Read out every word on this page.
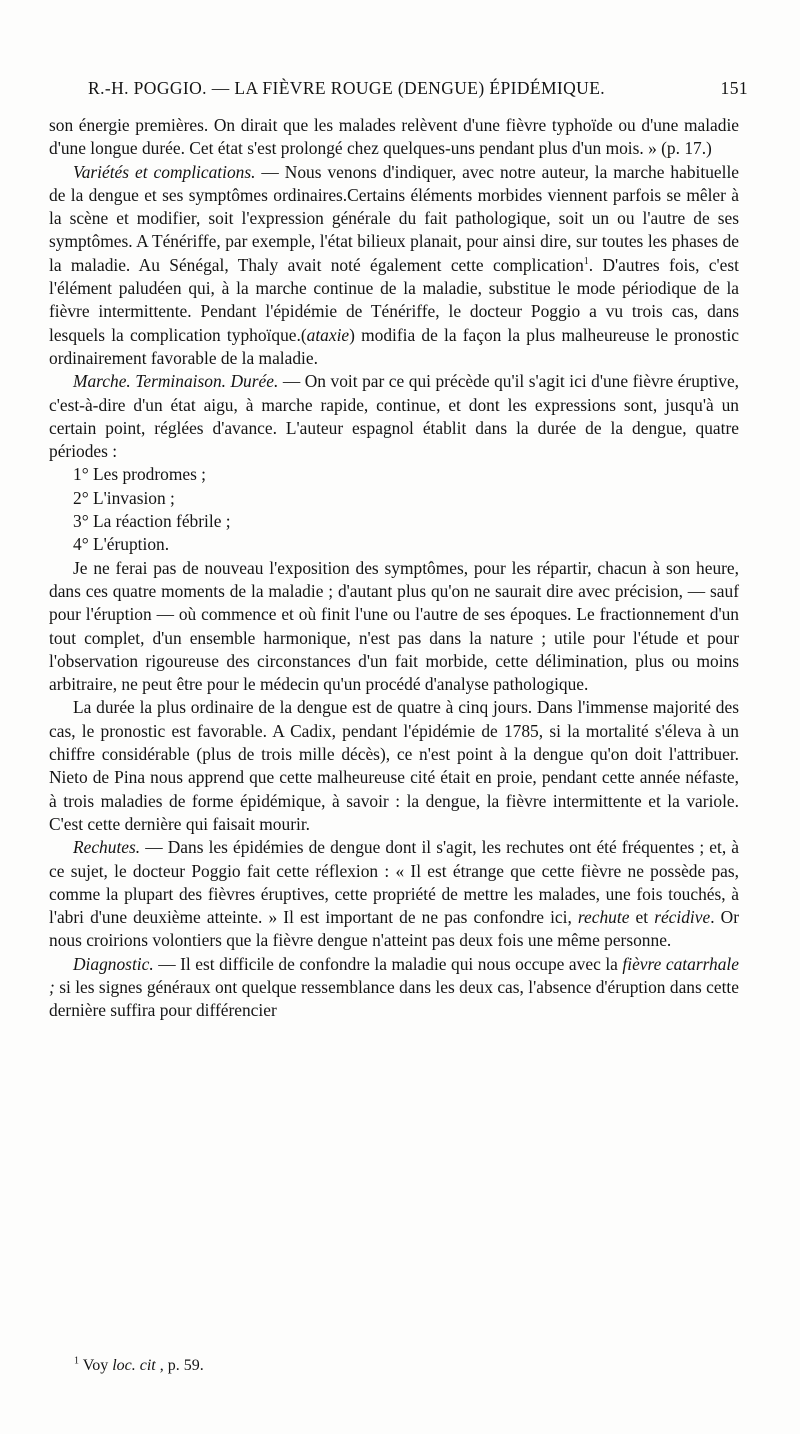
R.-H. POGGIO. — LA FIÈVRE ROUGE (DENGUE) ÉPIDÉMIQUE.	151

son énergie premières. On dirait que les malades relèvent d'une fièvre typhoïde ou d'une maladie d'une longue durée. Cet état s'est prolongé chez quelques-uns pendant plus d'un mois. » (p. 17.)

Variétés et complications. — Nous venons d'indiquer, avec notre auteur, la marche habituelle de la dengue et ses symptômes ordinaires.Certains éléments morbides viennent parfois se mêler à la scène et modifier, soit l'expression générale du fait pathologique, soit un ou l'autre de ses symptômes. A Ténériffe, par exemple, l'état bilieux planait, pour ainsi dire, sur toutes les phases de la maladie. Au Sénégal, Thaly avait noté également cette complication$^1$. D'autres fois, c'est l'élément paludéen qui, à la marche continue de la maladie, substitue le mode périodique de la fièvre intermittente. Pendant l'épidémie de Ténériffe, le docteur Poggio a vu trois cas, dans lesquels la complication typhoïque.(ataxie) modifia de la façon la plus malheureuse le pronostic ordinairement favorable de la maladie.

Marche. Terminaison. Durée. — On voit par ce qui précède qu'il s'agit ici d'une fièvre éruptive, c'est-à-dire d'un état aigu, à marche rapide, continue, et dont les expressions sont, jusqu'à un certain point, réglées d'avance. L'auteur espagnol établit dans la durée de la dengue, quatre périodes :

1° Les prodromes ;

2° L'invasion ;

3° La réaction fébrile ;

4° L'éruption.

Je ne ferai pas de nouveau l'exposition des symptômes, pour les répartir, chacun à son heure, dans ces quatre moments de la maladie ; d'autant plus qu'on ne saurait dire avec précision, — sauf pour l'éruption — où commence et où finit l'une ou l'autre de ses époques. Le fractionnement d'un tout complet, d'un ensemble harmonique, n'est pas dans la nature ; utile pour l'étude et pour l'observation rigoureuse des circonstances d'un fait morbide, cette délimination, plus ou moins arbitraire, ne peut être pour le médecin qu'un procédé d'analyse pathologique.

La durée la plus ordinaire de la dengue est de quatre à cinq jours. Dans l'immense majorité des cas, le pronostic est favorable. A Cadix, pendant l'épidémie de 1785, si la mortalité s'éleva à un chiffre considérable (plus de trois mille décès), ce n'est point à la dengue qu'on doit l'attribuer. Nieto de Pina nous apprend que cette malheureuse cité était en proie, pendant cette année néfaste, à trois maladies de forme épidémique, à savoir : la dengue, la fièvre intermittente et la variole. C'est cette dernière qui faisait mourir.

Rechutes. — Dans les épidémies de dengue dont il s'agit, les rechutes ont été fréquentes ; et, à ce sujet, le docteur Poggio fait cette réflexion : « Il est étrange que cette fièvre ne possède pas, comme la plupart des fièvres éruptives, cette propriété de mettre les malades, une fois touchés, à l'abri d'une deuxième atteinte. » Il est important de ne pas confondre ici, rechute et récidive. Or nous croirions volontiers que la fièvre dengue n'atteint pas deux fois une même personne.

Diagnostic. — Il est difficile de confondre la maladie qui nous occupe avec la fièvre catarrhale ; si les signes généraux ont quelque ressemblance dans les deux cas, l'absence d'éruption dans cette dernière suffira pour différencier

$^1$ Voy loc. cit , p. 59.
